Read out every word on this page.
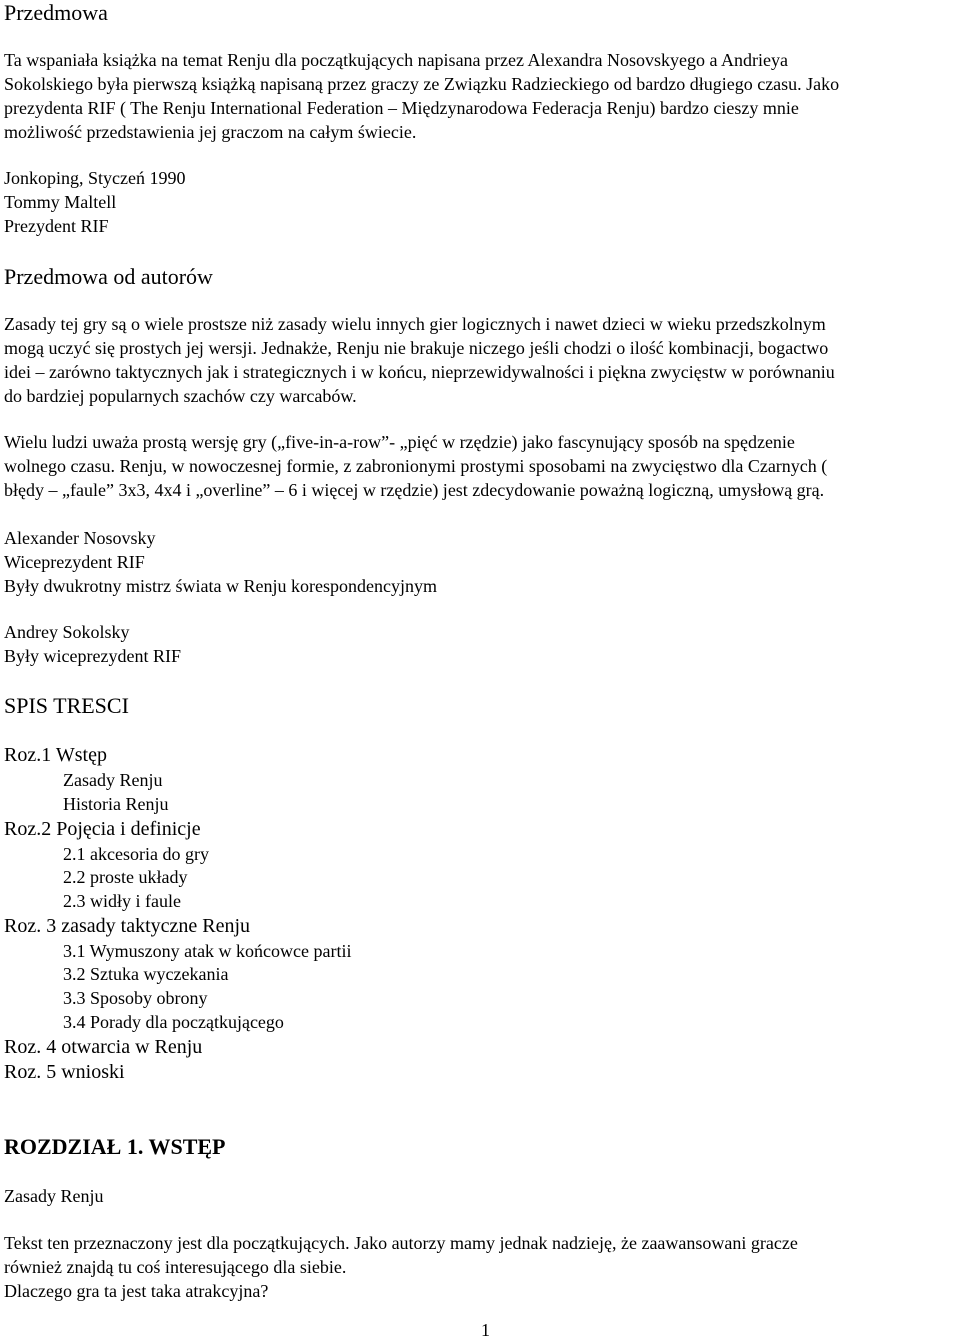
Przedmowa
Ta wspaniała książka na temat Renju dla początkujących napisana przez Alexandra Nosovskyego a Andrieya
Sokolskiego była pierwszą książką napisaną przez graczy ze Związku Radzieckiego od bardzo długiego czasu. Jako
prezydenta RIF ( The Renju International Federation – Międzynarodowa Federacja Renju) bardzo cieszy mnie
możliwość przedstawienia jej graczom na całym świecie.
Jonkoping, Styczeń 1990
Tommy Maltell
Prezydent RIF
Przedmowa od autorów
Zasady tej gry są o wiele prostsze niż zasady wielu innych gier logicznych i nawet dzieci w wieku przedszkolnym
mogą uczyć się prostych jej wersji. Jednakże, Renju nie brakuje niczego jeśli chodzi o ilość kombinacji, bogactwo
idei – zarówno taktycznych jak i strategicznych i w końcu, nieprzewidywalności i piękna zwycięstw w porównaniu
do bardziej popularnych szachów czy warcabów.
Wielu ludzi uważa prostą wersję gry („five-in-a-row”- „pięć w rzędzie) jako fascynujący sposób na spędzenie
wolnego czasu. Renju, w nowoczesnej formie, z zabronionymi prostymi sposobami na zwycięstwo dla Czarnych (
błędy – „faule” 3x3, 4x4 i „overline” – 6 i więcej w rzędzie) jest zdecydowanie poważną logiczną, umysłową grą.
Alexander Nosovsky
Wiceprezydent RIF
Były dwukrotny mistrz świata w Renju korespondencyjnym
Andrey Sokolsky
Były wiceprezydent RIF
SPIS TRESCI
Roz.1 Wstęp
Zasady Renju
Historia Renju
Roz.2 Pojęcia i definicje
2.1 akcesoria do gry
2.2 proste układy
2.3 widły i faule
Roz. 3 zasady taktyczne Renju
3.1 Wymuszony atak w końcowce partii
3.2 Sztuka wyczekania
3.3 Sposoby obrony
3.4 Porady dla początkującego
Roz. 4 otwarcia w Renju
Roz. 5 wnioski
ROZDZIAŁ 1. WSTĘP
Zasady Renju
Tekst ten przeznaczony jest dla początkujących. Jako autorzy mamy jednak nadzieję, że zaawansowani gracze
również znajdą tu coś interesującego dla siebie.
Dlaczego gra ta jest taka atrakcyjna?
1
